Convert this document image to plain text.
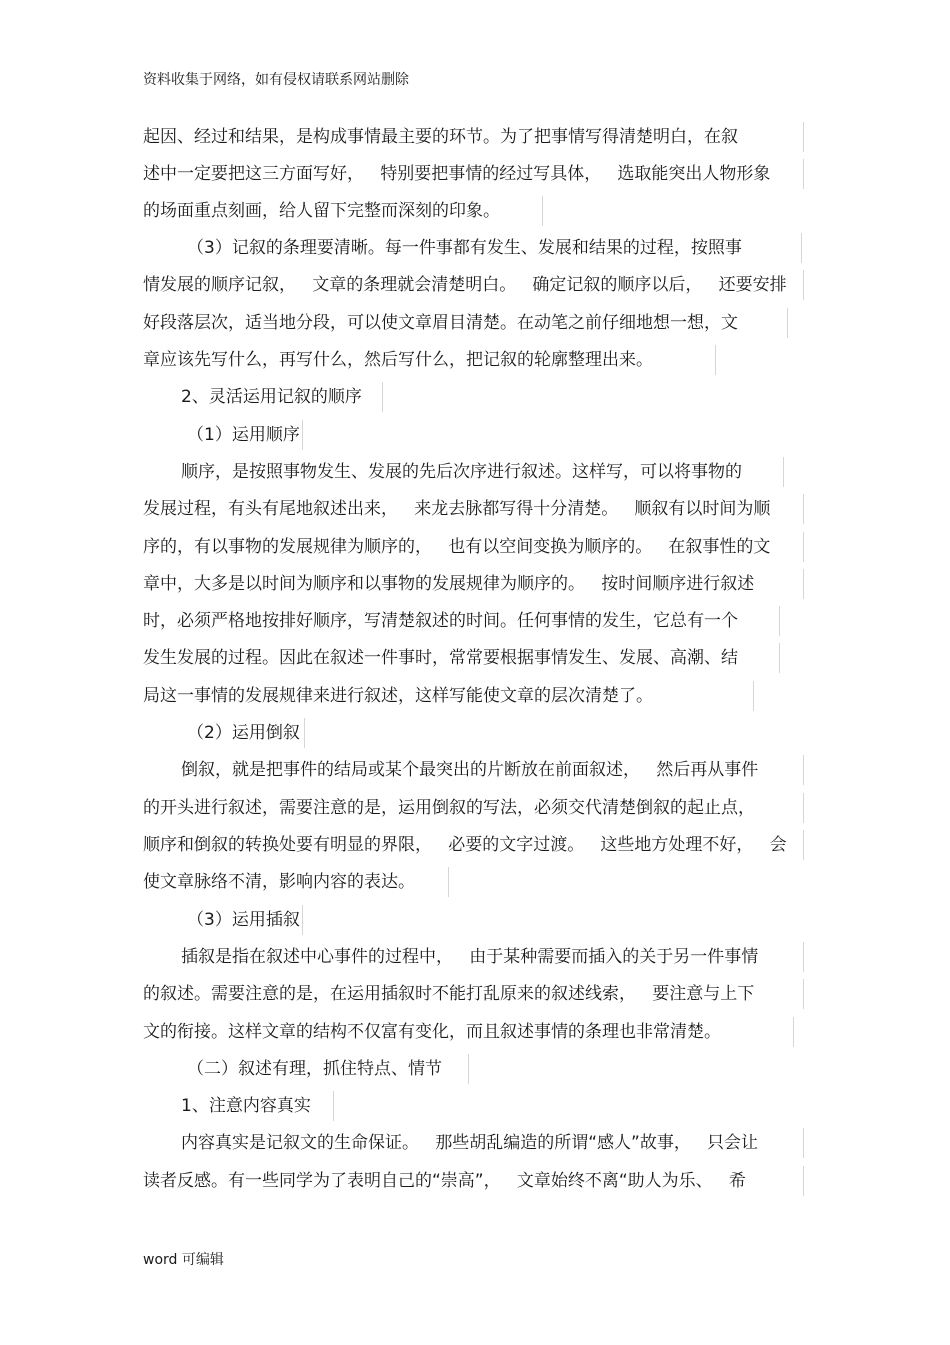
资料收集于网络，如有侵权请联系网站删除
起因、经过和结果，是构成事情最主要的环节。为了把事情写得清楚明白，在叙
述中一定要把这三方面写好，   特别要把事情的经过写具体，   选取能突出人物形象
的场面重点刻画，给人留下完整而深刻的印象。
（3）记叙的条理要清晰。每一件事都有发生、发展和结果的过程，按照事
情发展的顺序记叙，   文章的条理就会清楚明白。   确定记叙的顺序以后，   还要安排
好段落层次，适当地分段，可以使文章眉目清楚。在动笔之前仔细地想一想，文
章应该先写什么，再写什么，然后写什么，把记叙的轮廓整理出来。
2、灵活运用记叙的顺序
（1）运用顺序
顺序，是按照事物发生、发展的先后次序进行叙述。这样写，可以将事物的
发展过程，有头有尾地叙述出来，   来龙去脉都写得十分清楚。   顺叙有以时间为顺
序的，有以事物的发展规律为顺序的，   也有以空间变换为顺序的。   在叙事性的文
章中，大多是以时间为顺序和以事物的发展规律为顺序的。   按时间顺序进行叙述
时，必须严格地按排好顺序，写清楚叙述的时间。任何事情的发生，它总有一个
发生发展的过程。因此在叙述一件事时，常常要根据事情发生、发展、高潮、结
局这一事情的发展规律来进行叙述，这样写能使文章的层次清楚了。
（2）运用倒叙
倒叙，就是把事件的结局或某个最突出的片断放在前面叙述，   然后再从事件
的开头进行叙述，需要注意的是，运用倒叙的写法，必须交代清楚倒叙的起止点，
顺序和倒叙的转换处要有明显的界限，   必要的文字过渡。   这些地方处理不好，   会
使文章脉络不清，影响内容的表达。
（3）运用插叙
插叙是指在叙述中心事件的过程中，   由于某种需要而插入的关于另一件事情
的叙述。需要注意的是，在运用插叙时不能打乱原来的叙述线索，   要注意与上下
文的衔接。这样文章的结构不仅富有变化，而且叙述事情的条理也非常清楚。
（二）叙述有理，抓住特点、情节
1、注意内容真实
内容真实是记叙文的生命保证。   那些胡乱编造的所谓“感人”故事，   只会让
读者反感。有一些同学为了表明自己的“崇高”，   文章始终不离“助人为乐、   希
word 可编辑
